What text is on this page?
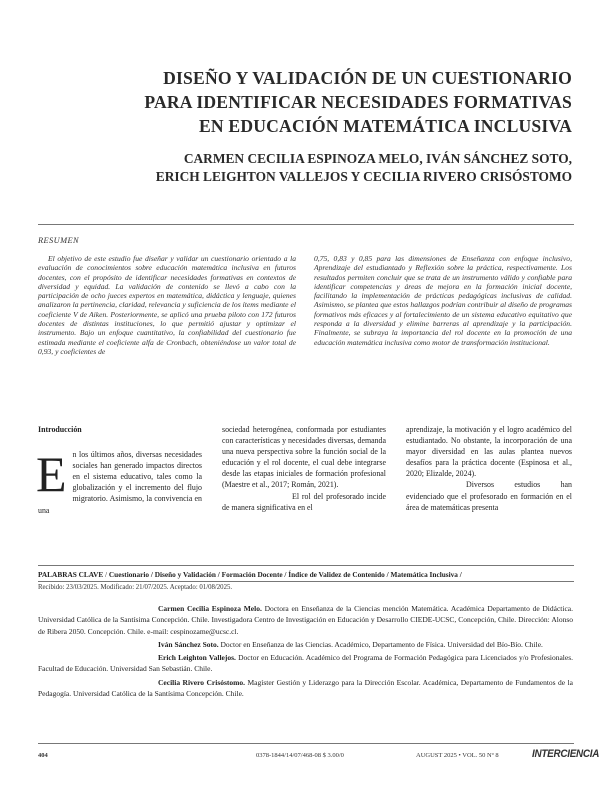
DISEÑO Y VALIDACIÓN DE UN CUESTIONARIO
PARA IDENTIFICAR NECESIDADES FORMATIVAS
EN EDUCACIÓN MATEMÁTICA INCLUSIVA
CARMEN CECILIA ESPINOZA MELO, IVÁN SÁNCHEZ SOTO,
ERICH LEIGHTON VALLEJOS Y CECILIA RIVERO CRISÓSTOMO
RESUMEN

El objetivo de este estudio fue diseñar y validar un cuestionario orientado a la evaluación de conocimientos sobre educación matemática inclusiva en futuros docentes, con el propósito de identificar necesidades formativas en contextos de diversidad y equidad. La validación de contenido se llevó a cabo con la participación de ocho jueces expertos en matemática, didáctica y lenguaje, quienes analizaron la pertinencia, claridad, relevancia y suficiencia de los ítems mediante el coeficiente V de Aiken. Posteriormente, se aplicó una prueba piloto con 172 futuros docentes de distintas instituciones, lo que permitió ajustar y optimizar el instrumento. Bajo un enfoque cuantitativo, la confiabilidad del cuestionario fue estimada mediante el coeficiente alfa de Cronbach, obteniéndose un valor total de 0,93, y coeficientes de

0,75, 0,83 y 0,85 para las dimensiones de Enseñanza con enfoque inclusivo, Aprendizaje del estudiantado y Reflexión sobre la práctica, respectivamente. Los resultados permiten concluir que se trata de un instrumento válido y confiable para identificar competencias y áreas de mejora en la formación inicial docente, facilitando la implementación de prácticas pedagógicas inclusivas de calidad. Asimismo, se plantea que estos hallazgos podrían contribuir al diseño de programas formativos más eficaces y al fortalecimiento de un sistema educativo equitativo que responda a la diversidad y elimine barreras al aprendizaje y la participación. Finalmente, se subraya la importancia del rol docente en la promoción de una educación matemática inclusiva como motor de transformación institucional.

Introducción

En los últimos años, diversas necesidades sociales han generado impactos directos en el sistema educativo, tales como la globalización y el incremento del flujo migratorio. Asimismo, la convivencia en una

sociedad heterogénea, conformada por estudiantes con características y necesidades diversas, demanda una nueva perspectiva sobre la función social de la educación y el rol docente, el cual debe integrarse desde las etapas iniciales de formación profesional (Maestre et al., 2017; Román, 2021).

El rol del profesorado incide de manera significativa en el

aprendizaje, la motivación y el logro académico del estudiantado. No obstante, la incorporación de una mayor diversidad en las aulas plantea nuevos desafíos para la práctica docente (Espinosa et al., 2020; Elizalde, 2024).

Diversos estudios han evidenciado que el profesorado en formación en el área de matemáticas presenta

PALABRAS CLAVE / Cuestionario / Diseño y Validación / Formación Docente / Índice de Validez de Contenido / Matemática Inclusiva /
Recibido: 23/03/2025. Modificado: 21/07/2025. Aceptado: 01/08/2025.

Carmen Cecilia Espinoza Melo. Doctora en Enseñanza de la Ciencias mención Matemática. Académica Departamento de Didáctica. Universidad Católica de la Santísima Concepción. Chile. Investigadora Centro de Investigación en Educación y Desarrollo CIEDE-UCSC, Concepción, Chile. Dirección: Alonso de Ribera 2050. Concepción. Chile. e-mail: cespinozame@ucsc.cl.

Iván Sánchez Soto. Doctor en Enseñanza de las Ciencias. Académico, Departamento de Física. Universidad del Bío-Bío. Chile.

Erich Leighton Vallejos. Doctor en Educación. Académico del Programa de Formación Pedagógica para Licenciados y/o Profesionales. Facultad de Educación. Universidad San Sebastián. Chile.

Cecilia Rivero Crisóstomo. Magíster Gestión y Liderazgo para la Dirección Escolar. Académica, Departamento de Fundamentos de la Pedagogía. Universidad Católica de la Santísima Concepción. Chile.

404	0378-1844/14/07/468-08 $ 3.00/0	AUGUST 2025 • VOL. 50 Nº 8	INTERCIENCIA
